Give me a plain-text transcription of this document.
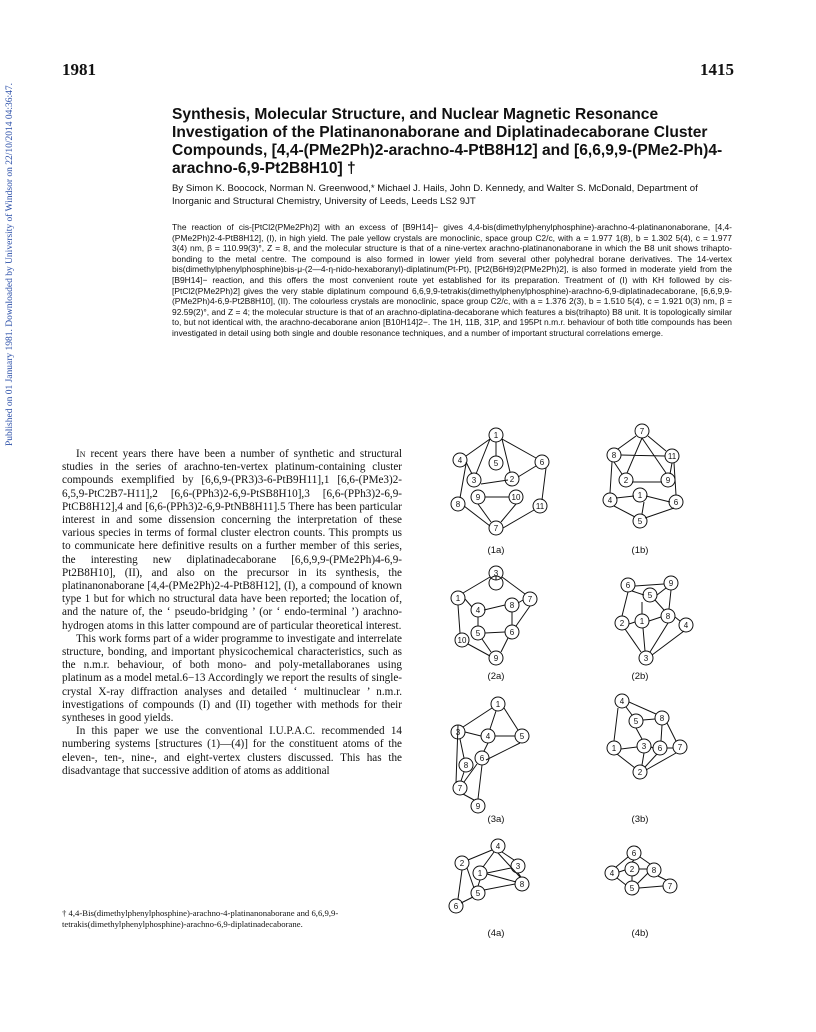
1981	1415
Published on 01 January 1981. Downloaded by University of Windsor on 22/10/2014 04:36:47.	Synthesis, Molecular Structure, and Nuclear Magnetic Resonance Investigation of the Platinanonaborane and Diplatinadecaborane Cluster Compounds, [4,4-(PMe2Ph)2-arachno-4-PtB8H12] and [6,6,9,9-(PMe2-Ph)4-arachno-6,9-Pt2B8H10] †
By Simon K. Boocock, Norman N. Greenwood,* Michael J. Hails, John D. Kennedy, and Walter S. McDonald, Department of Inorganic and Structural Chemistry, University of Leeds, Leeds LS2 9JT
The reaction of cis-[PtCl2(PMe2Ph)2] with an excess of [B9H14]− gives 4,4-bis(dimethylphenylphosphine)-arachno-4-platinanonaborane, [4,4-(PMe2Ph)2-4-PtB8H12], (I), in high yield. The pale yellow crystals are monoclinic, space group C2/c, with a = 1.977 1(8), b = 1.302 5(4), c = 1.977 3(4) nm, β = 110.99(3)°, Z = 8, and the molecular structure is that of a nine-vertex arachno-platinanonaborane in which the B8 unit shows trihapto-bonding to the metal centre. The compound is also formed in lower yield from several other polyhedral borane derivatives. The 14-vertex bis(dimethylphenylphosphine)bis-μ-(2—4-η-nido-hexaboranyl)-diplatinum(Pt-Pt), [Pt2(B6H9)2(PMe2Ph)2], is also formed in moderate yield from the [B9H14]− reaction, and this offers the most convenient route yet established for its preparation. Treatment of (I) with KH followed by cis-[PtCl2(PMe2Ph)2] gives the very stable diplatinum compound 6,6,9,9-tetrakis(dimethylphenylphosphine)-arachno-6,9-diplatinadecaborane, [6,6,9,9-(PMe2Ph)4-6,9-Pt2B8H10], (II). The colourless crystals are monoclinic, space group C2/c, with a = 1.376 2(3), b = 1.510 5(4), c = 1.921 0(3) nm, β = 92.59(2)°, and Z = 4; the molecular structure is that of an arachno-diplatina-decaborane which features a bis(trihapto) B8 unit. It is topologically similar to, but not identical with, the arachno-decaborane anion [B10H14]2−. The 1H, 11B, 31P, and 195Pt n.m.r. behaviour of both title compounds has been investigated in detail using both single and double resonance techniques, and a number of important structural correlations emerge.

In recent years there have been a number of synthetic and structural studies in the series of arachno-ten-vertex platinum-containing cluster compounds exemplified by [6,6,9-(PR3)3-6-PtB9H11],1 [6,6-(PMe3)2-6,5,9-PtC2B7-H11],2 [6,6-(PPh3)2-6,9-PtSB8H10],3 [6,6-(PPh3)2-6,9-PtCB8H12],4 and [6,6-(PPh3)2-6,9-PtNB8H11].5 There has been particular interest in and some dissension concerning the interpretation of these various species in terms of formal cluster electron counts. This prompts us to communicate here definitive results on a further member of this series, the interesting new diplatinadecaborane [6,6,9,9-(PMe2Ph)4-6,9-Pt2B8H10], (II), and also on the precursor in its synthesis, the platinanonaborane [4,4-(PMe2Ph)2-4-PtB8H12], (I), a compound of known type 1 but for which no structural data have been reported; the location of, and the nature of, the ‘ pseudo-bridging ’ (or ‘ endo-terminal ’) arachno-hydrogen atoms in this latter compound are of particular theoretical interest.

This work forms part of a wider programme to investigate and interrelate structure, bonding, and important physicochemical characteristics, such as the n.m.r. behaviour, of both mono- and poly-metallaboranes using platinum as a model metal.6−13 Accordingly we report the results of single-crystal X-ray diffraction analyses and detailed ‘ multinuclear ’ n.m.r. investigations of compounds (I) and (II) together with methods for their syntheses in good yields.

In this paper we use the conventional I.U.P.A.C. recommended 14 numbering systems [structures (1)—(4)] for the constituent atoms of the eleven-, ten-, nine-, and eight-vertex clusters discussed. This has the disadvantage that successive addition of atoms as additional

† 4,4-Bis(dimethylphenylphosphine)-arachno-4-platinanonaborane and 6,6,9,9-tetrakis(dimethylphenylphosphine)-arachno-6,9-diplatinadecaborane.
1
5
4
2
3
6
8
9	10
7
11
7
8	11
2	9
4
1
6
5
3
1	7
4
8
5	6
10
9
6	9
5
2 1
8
4
3
1
3	4	5
8
6
7
9
4
5	8
1	3 6 7
2
4
2	3
1
8
5
6
6
4 2 8
5	7
(1a)	(1b)
(2a)	(2b)
(3a)	(3b)
(4a)	(4b)
